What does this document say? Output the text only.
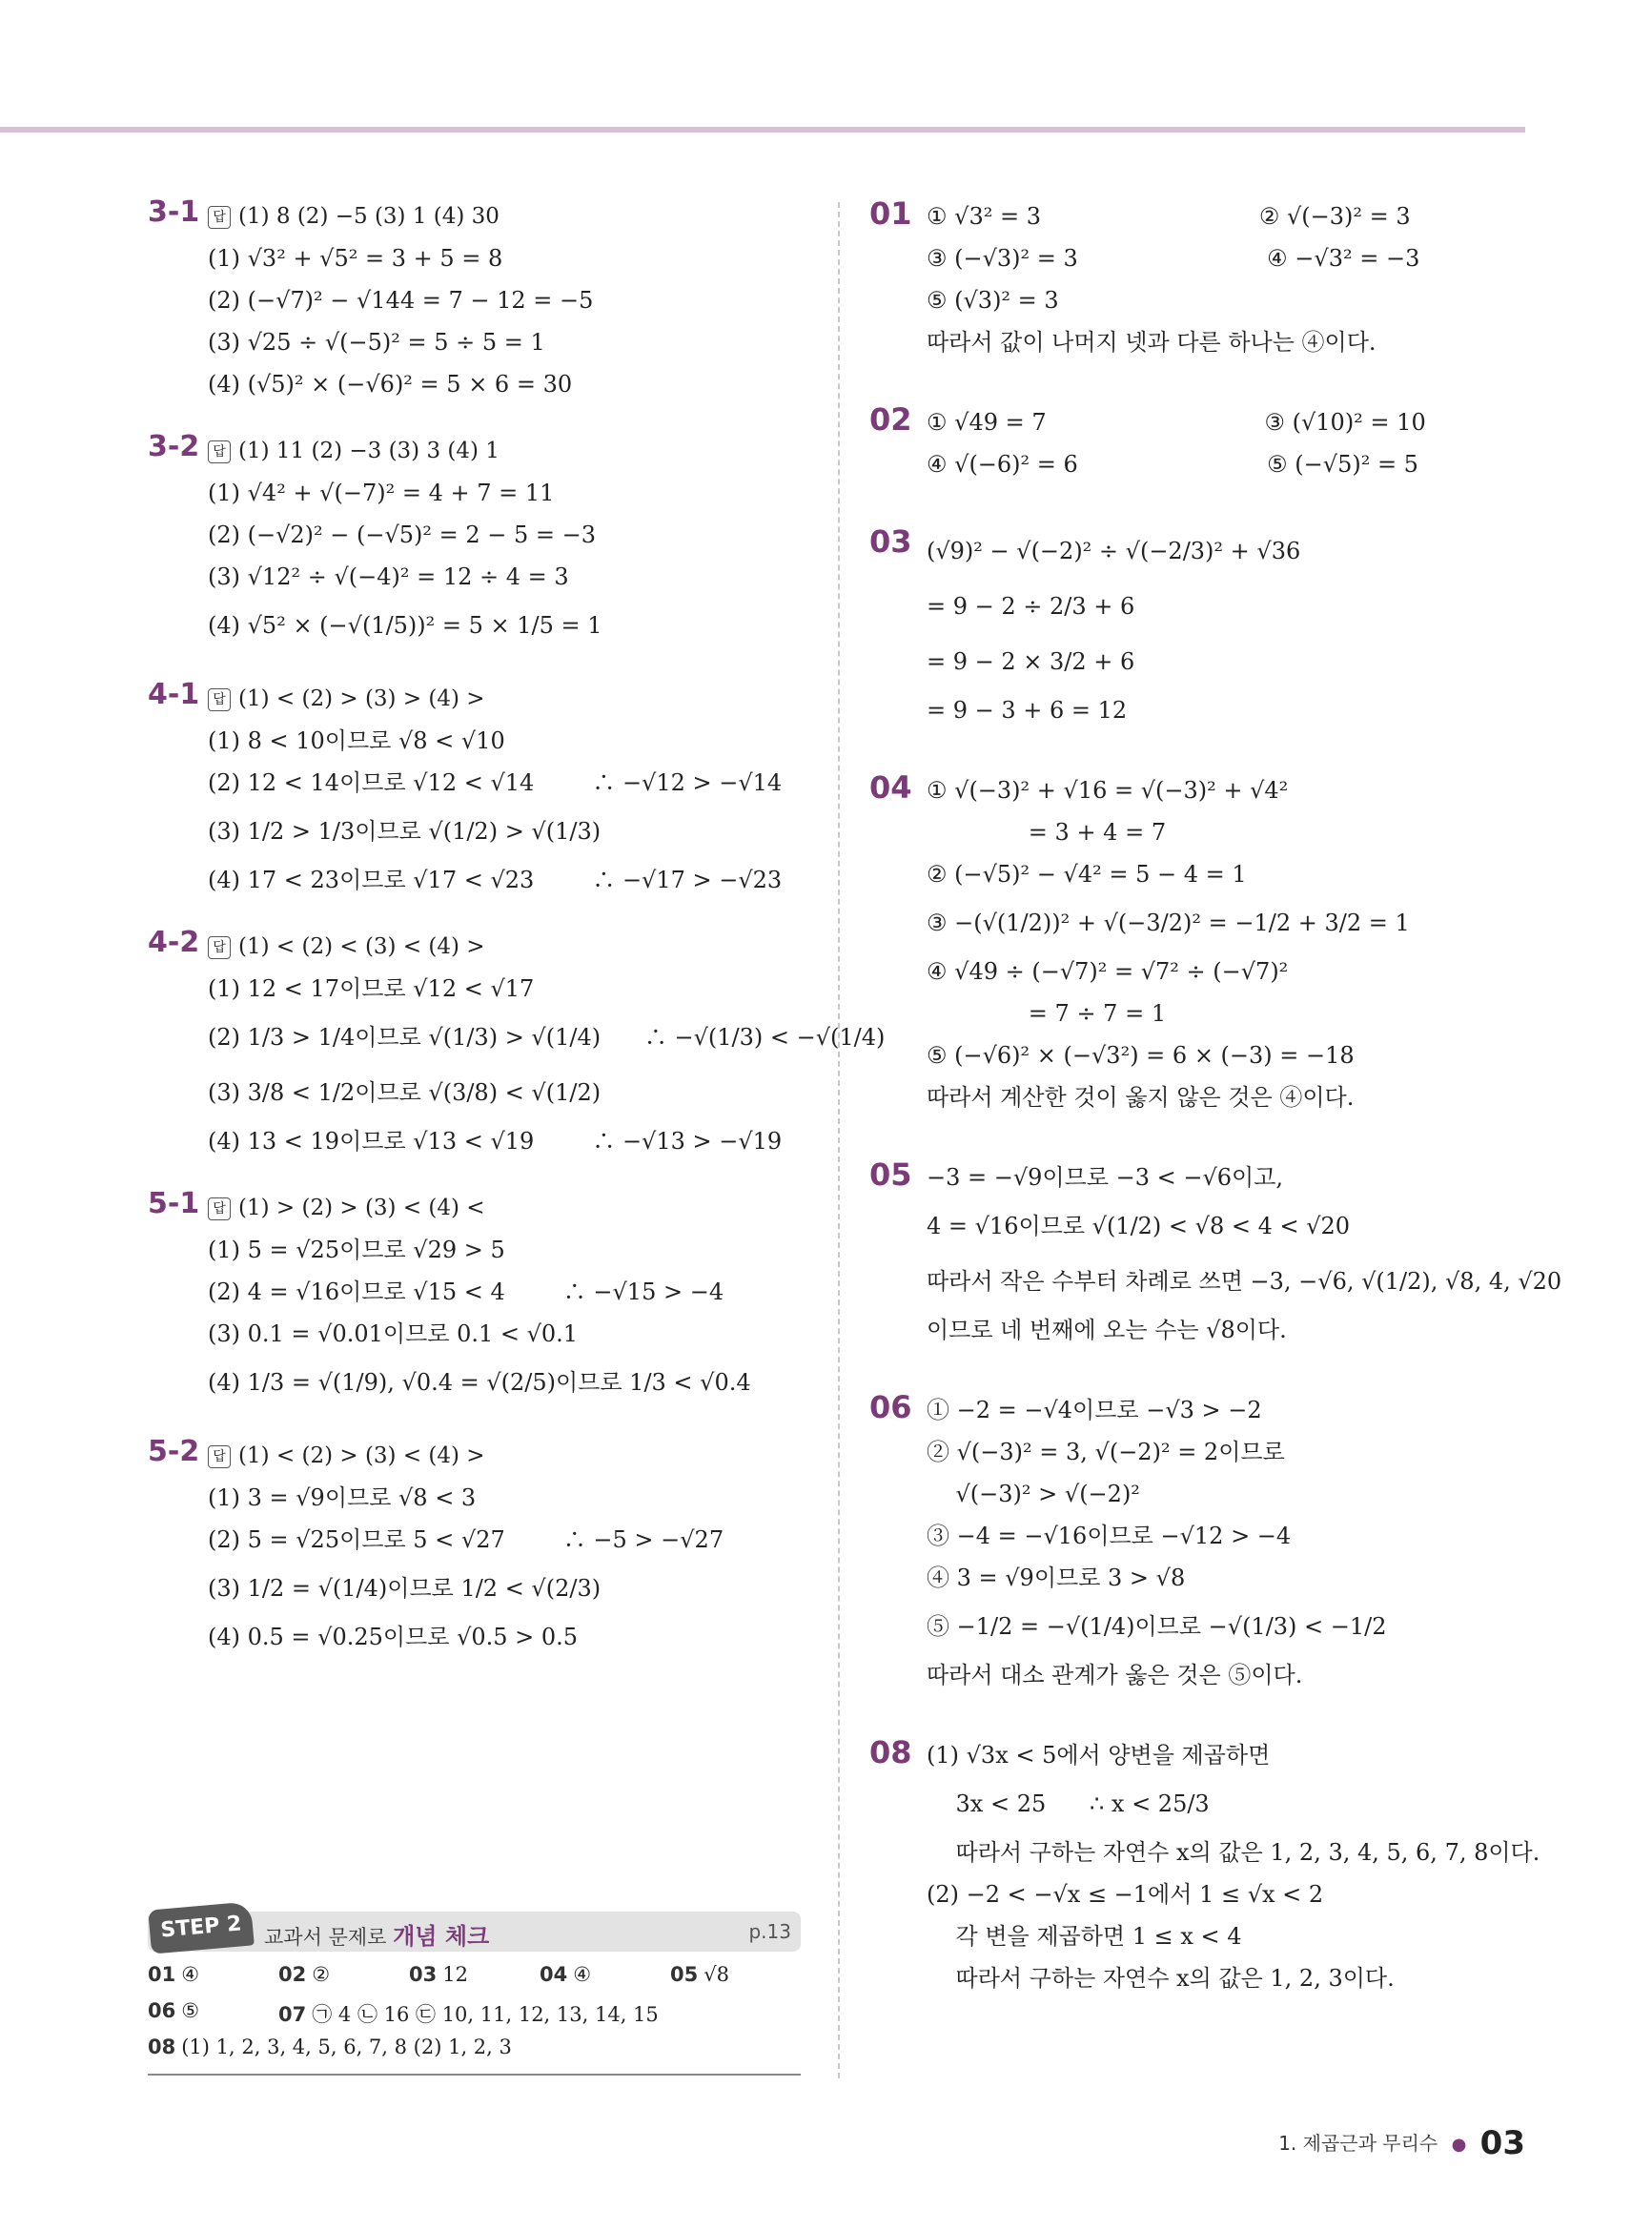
3-1	답 (1) 8 (2) −5 (3) 1 (4) 30
(1) √3² + √5² = 3 + 5 = 8
(2) (−√7)² − √144 = 7 − 12 = −5
(3) √25 ÷ √(−5)² = 5 ÷ 5 = 1
(4) (√5)² × (−√6)² = 5 × 6 = 30
3-2	답 (1) 11 (2) −3 (3) 3 (4) 1
(1) √4² + √(−7)² = 4 + 7 = 11
(2) (−√2)² − (−√5)² = 2 − 5 = −3
(3) √12² ÷ √(−4)² = 12 ÷ 4 = 3
(4) √5² × (−√(1/5))² = 5 × 1/5 = 1
4-1	답 (1) < (2) > (3) > (4) >
(1) 8 < 10이므로 √8 < √10
(2) 12 < 14이므로 √12 < √14        ∴ −√12 > −√14
(3) 1/2 > 1/3이므로 √(1/2) > √(1/3)
(4) 17 < 23이므로 √17 < √23        ∴ −√17 > −√23
4-2	답 (1) < (2) < (3) < (4) >
(1) 12 < 17이므로 √12 < √17
(2) 1/3 > 1/4이므로 √(1/3) > √(1/4)      ∴ −√(1/3) < −√(1/4)
(3) 3/8 < 1/2이므로 √(3/8) < √(1/2)
(4) 13 < 19이므로 √13 < √19        ∴ −√13 > −√19
5-1	답 (1) > (2) > (3) < (4) <
(1) 5 = √25이므로 √29 > 5
(2) 4 = √16이므로 √15 < 4        ∴ −√15 > −4
(3) 0.1 = √0.01이므로 0.1 < √0.1
(4) 1/3 = √(1/9), √0.4 = √(2/5)이므로 1/3 < √0.4
5-2	답 (1) < (2) > (3) < (4) >
(1) 3 = √9이므로 √8 < 3
(2) 5 = √25이므로 5 < √27        ∴ −5 > −√27
(3) 1/2 = √(1/4)이므로 1/2 < √(2/3)
(4) 0.5 = √0.25이므로 √0.5 > 0.5
01 ① √3² = 3                              ② √(−3)² = 3
③ (−√3)² = 3                          ④ −√3² = −3
⑤ (√3)² = 3
따라서 값이 나머지 넷과 다른 하나는 ④이다.
02 ① √49 = 7                              ③ (√10)² = 10
④ √(−6)² = 6                          ⑤ (−√5)² = 5
03 (√9)² − √(−2)² ÷ √(−2/3)² + √36
= 9 − 2 ÷ 2/3 + 6
= 9 − 2 × 3/2 + 6
= 9 − 3 + 6 = 12
04 ① √(−3)² + √16 = √(−3)² + √4²
= 3 + 4 = 7
② (−√5)² − √4² = 5 − 4 = 1
③ −(√(1/2))² + √(−3/2)² = −1/2 + 3/2 = 1
④ √49 ÷ (−√7)² = √7² ÷ (−√7)²
= 7 ÷ 7 = 1
⑤ (−√6)² × (−√3²) = 6 × (−3) = −18
따라서 계산한 것이 옳지 않은 것은 ④이다.
05 −3 = −√9이므로 −3 < −√6이고,
4 = √16이므로 √(1/2) < √8 < 4 < √20
따라서 작은 수부터 차례로 쓰면 −3, −√6, √(1/2), √8, 4, √20
이므로 네 번째에 오는 수는 √8이다.
06 ① −2 = −√4이므로 −√3 > −2
② √(−3)² = 3, √(−2)² = 2이므로
√(−3)² > √(−2)²
③ −4 = −√16이므로 −√12 > −4
④ 3 = √9이므로 3 > √8
⑤ −1/2 = −√(1/4)이므로 −√(1/3) < −1/2
따라서 대소 관계가 옳은 것은 ⑤이다.
08 (1) √3x < 5에서 양변을 제곱하면
3x < 25      ∴ x < 25/3
따라서 구하는 자연수 x의 값은 1, 2, 3, 4, 5, 6, 7, 8이다.
(2) −2 < −√x ≤ −1에서 1 ≤ √x < 2
각 변을 제곱하면 1 ≤ x < 4
따라서 구하는 자연수 x의 값은 1, 2, 3이다.
STEP 2	교과서 문제로 개념 체크	p.13
01 ④	02 ②	03 12	04 ④	05 √8
06 ⑤	07 ㉠ 4 ㉡ 16 ㉢ 10, 11, 12, 13, 14, 15
08 (1) 1, 2, 3, 4, 5, 6, 7, 8 (2) 1, 2, 3
1. 제곱근과 무리수 ● 03
